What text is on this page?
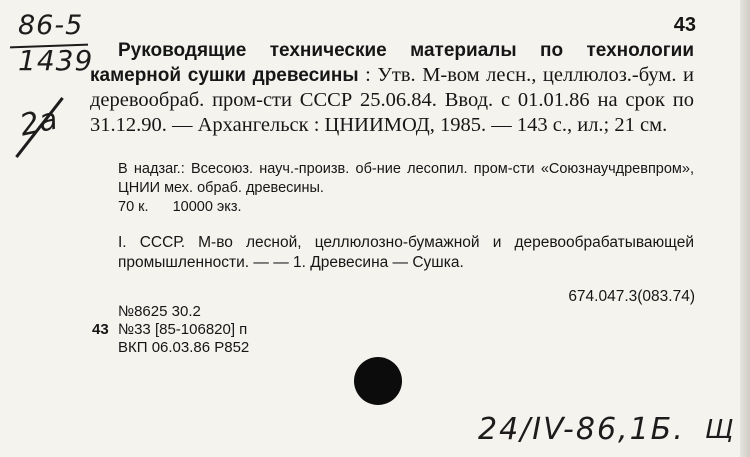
86-5
1439
2a
43
Руководящие технические материалы по технологии камерной сушки древесины : Утв. М-вом лесн., целлюлоз.-бум. и деревообраб. пром-сти СССР 25.06.84. Ввод. с 01.01.86 на срок по 31.12.90. — Архангельск : ЦНИИМОД, 1985. — 143 с., ил.; 21 см.
В надзаг.: Всесоюз. науч.-произв. об-ние лесопил. пром-сти «Союзнаучдревпром», ЦНИИ мех. обраб. древесины.
70 к. 10000 экз.
I. СССР. М-во лесной, целлюлозно-бумажной и деревообрабатывающей промышленности. — — 1. Древесина — Сушка.
674.047.3(083.74)
№8625 30.2
43 №33 [85-106820] п
ВКП 06.03.86 Р852
24/IV-86,1Б. Щ
